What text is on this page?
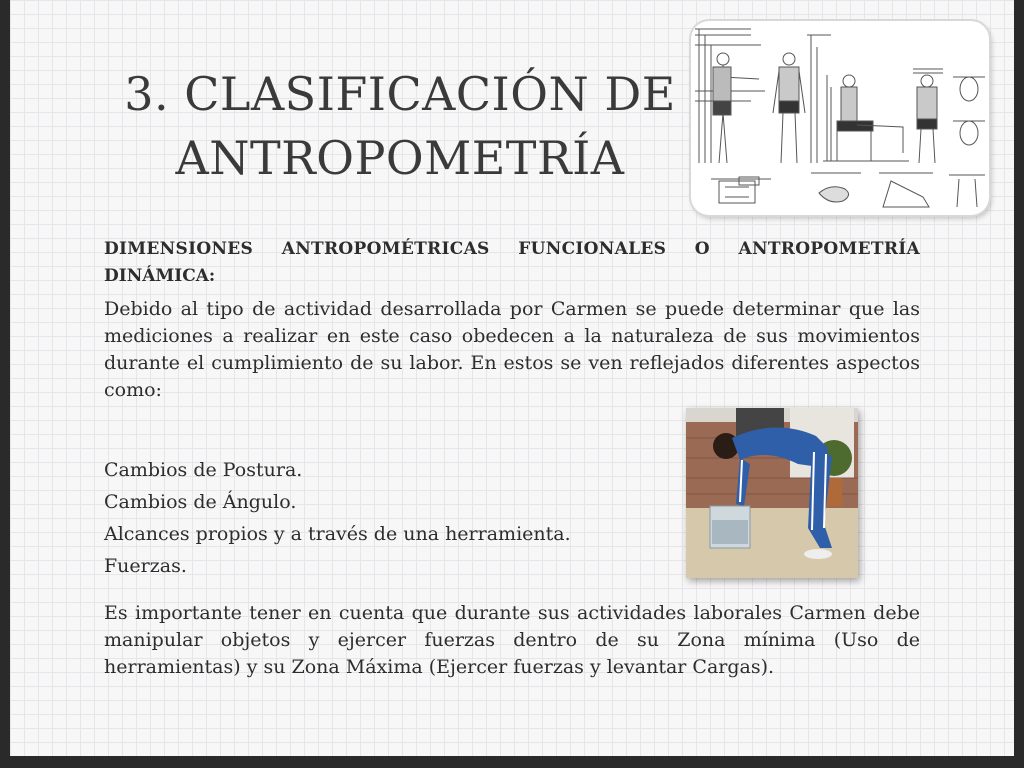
3. CLASIFICACIÓN DE
ANTROPOMETRÍA
DIMENSIONES ANTROPOMÉTRICAS FUNCIONALES O ANTROPOMETRÍA
DINÁMICA:

Debido al tipo de actividad desarrollada por Carmen se puede determinar que las mediciones a realizar en este caso obedecen a la naturaleza de sus movimientos durante el cumplimiento de su labor. En estos se ven reflejados diferentes aspectos como:

Cambios de Postura.
Cambios de Ángulo.
Alcances propios y a través de una herramienta.
Fuerzas.

Es importante tener en cuenta que durante sus actividades laborales Carmen debe manipular objetos y ejercer fuerzas dentro de su Zona mínima (Uso de herramientas) y su Zona Máxima (Ejercer fuerzas y levantar Cargas).
